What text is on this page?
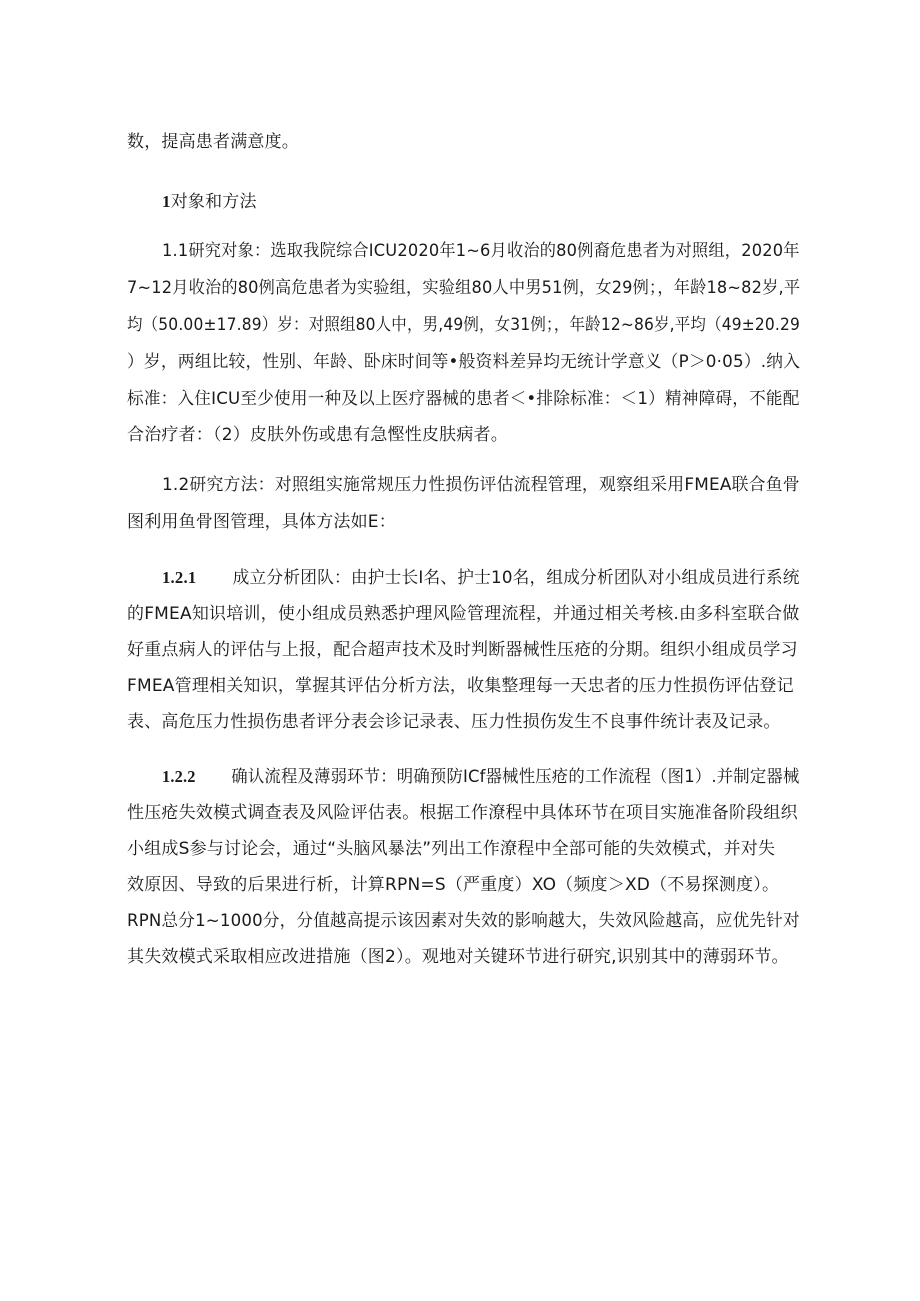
数，提高患者满意度。
1对象和方法
1.1研究对象：选取我院综合ICU2020年1~6月收治的80例裔危患者为对照组，2020年
7~12月收治的80例高危患者为实验组，实验组80人中男51例，女29例；，年龄18~82岁,平
均（50.00±17.89）岁：对照组80人中，男,49例，女31例；，年龄12~86岁,平均（49±20.29
）岁，两组比较，性别、年龄、卧床时间等•般资料差异均无统计学意义（P＞0·05）.纳入
标准：入住ICU至少使用一种及以上医疗器械的患者＜•排除标准：＜1）精神障碍，不能配
合治疗者：（2）皮肤外伤或患有急慳性皮肤病者。
1.2研究方法：对照组实施常规压力性损伤评估流程管理，观察组采用FMEA联合鱼骨
图利用鱼骨图管理，具体方法如E：
1.2.1 成立分析团队：由护士长I名、护士10名，组成分析团队对小组成员进行系统
的FMEA知识培训，使小组成员熟悉护理风险管理流程，并通过相关考核.由多科室联合做
好重点病人的评估与上报，配合超声技术及时判断器械性压疮的分期。组织小组成员学习
FMEA管理相关知识，掌握其评估分析方法，收集整理每一天忠者的压力性损伤评估登记
表、高危压力性损伤患者评分表会诊记录表、压力性损伤发生不良事件统计表及记录。
1.2.2 确认流程及薄弱环节：明确预防ICf器械性压疮的工作流程（图1）.并制定器械
性压疮失效模式调查表及风险评估表。根据工作潦程中具体环节在项目实施准备阶段组织
小组成S参与讨论会，通过“头脑风暴法”列出工作潦程中全部可能的失效模式，并对失
效原因、导致的后果进行析，计算RPN=S（严重度）XO（频度＞XD（不易探测度）。
RPN总分1~1000分，分值越高提示该因素对失效的影响越大，失效风险越高，应优先针对
其失效模式采取相应改进措施（图2）。观地对关键环节进行研究,识别其中的薄弱环节。
